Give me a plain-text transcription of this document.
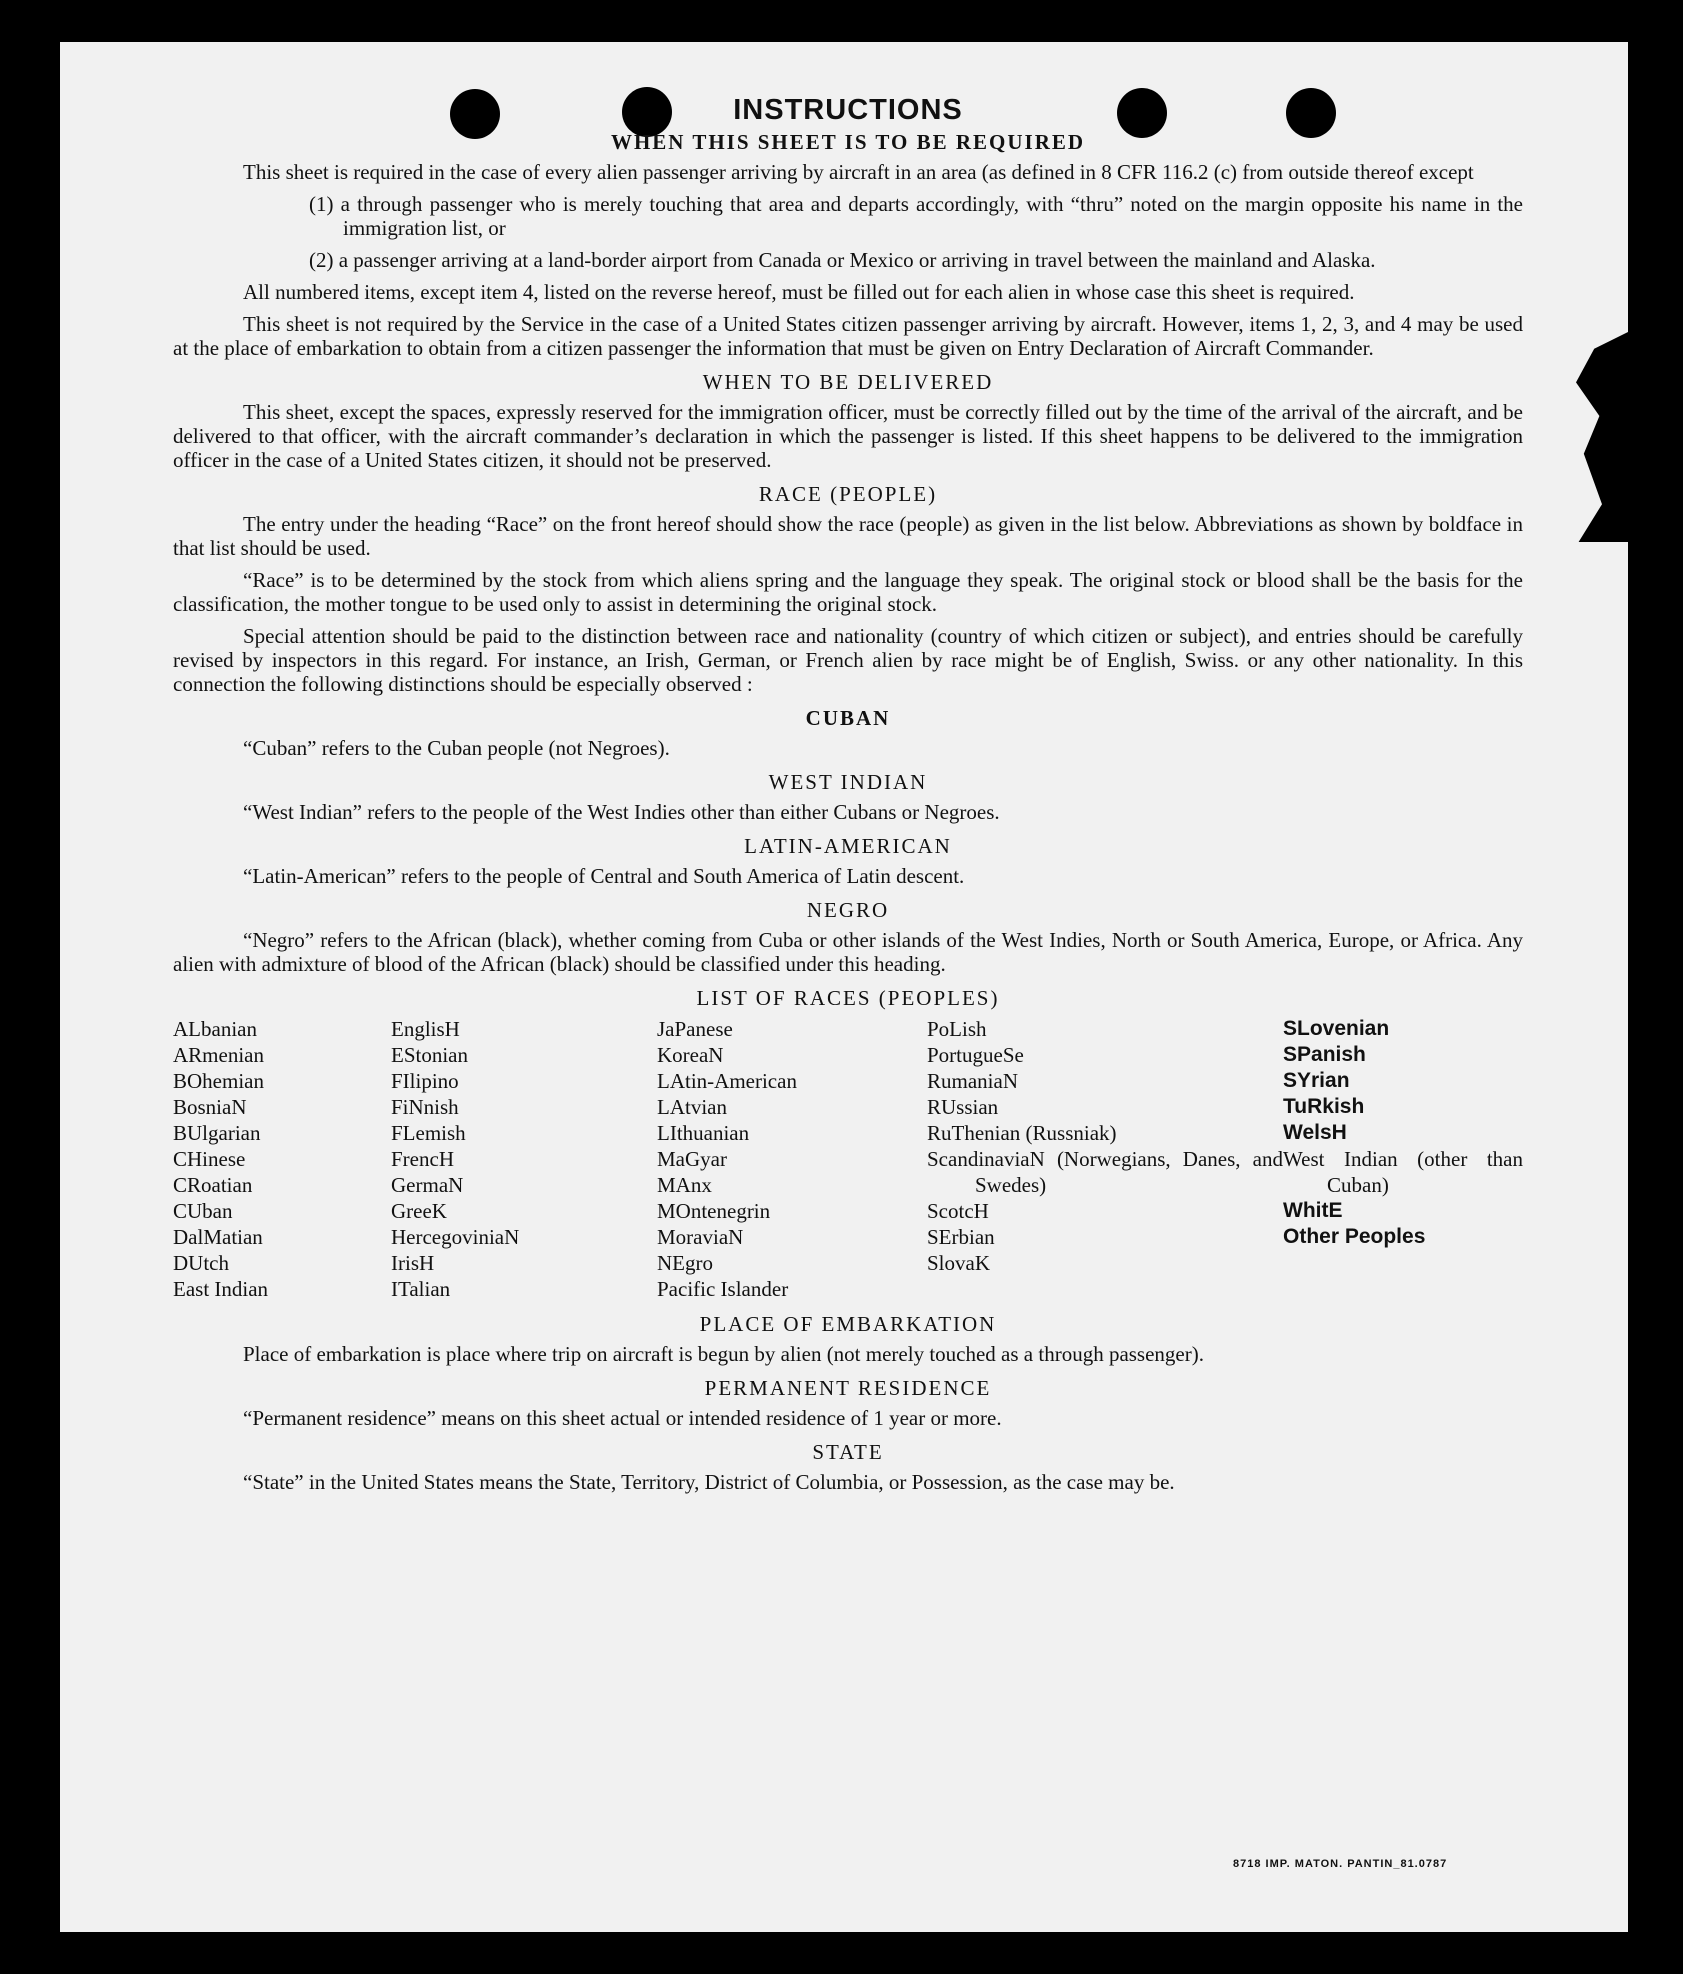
INSTRUCTIONS
WHEN THIS SHEET IS TO BE REQUIRED

This sheet is required in the case of every alien passenger arriving by aircraft in an area (as defined in 8 CFR 116.2 (c) from outside thereof except

(1) a through passenger who is merely touching that area and departs accordingly, with “thru” noted on the margin opposite his name in the immigration list, or
(2) a passenger arriving at a land-border airport from Canada or Mexico or arriving in travel between the mainland and Alaska.

All numbered items, except item 4, listed on the reverse hereof, must be filled out for each alien in whose case this sheet is required.

This sheet is not required by the Service in the case of a United States citizen passenger arriving by aircraft. However, items 1, 2, 3, and 4 may be used at the place of embarkation to obtain from a citizen passenger the information that must be given on Entry Declaration of Aircraft Commander.

WHEN TO BE DELIVERED

This sheet, except the spaces, expressly reserved for the immigration officer, must be correctly filled out by the time of the arrival of the aircraft, and be delivered to that officer, with the aircraft commander’s declaration in which the passenger is listed. If this sheet happens to be delivered to the immigration officer in the case of a United States citizen, it should not be preserved.

RACE (PEOPLE)

The entry under the heading “Race” on the front hereof should show the race (people) as given in the list below. Abbreviations as shown by boldface in that list should be used.

“Race” is to be determined by the stock from which aliens spring and the language they speak. The original stock or blood shall be the basis for the classification, the mother tongue to be used only to assist in determining the original stock.

Special attention should be paid to the distinction between race and nationality (country of which citizen or subject), and entries should be carefully revised by inspectors in this regard. For instance, an Irish, German, or French alien by race might be of English, Swiss. or any other nationality. In this connection the following distinctions should be especially observed :

CUBAN

“Cuban” refers to the Cuban people (not Negroes).

WEST INDIAN

“West Indian” refers to the people of the West Indies other than either Cubans or Negroes.

LATIN-AMERICAN

“Latin-American” refers to the people of Central and South America of Latin descent.

NEGRO

“Negro” refers to the African (black), whether coming from Cuba or other islands of the West Indies, North or South America, Europe, or Africa. Any alien with admixture of blood of the African (black) should be classified under this heading.

LIST OF RACES (PEOPLES)
ALbanian
ARmenian
BOhemian
BosniaN
BUlgarian
CHinese
CRoatian
CUban
DalMatian
DUtch
East Indian
EnglisH
EStonian
FIlipino
FiNnish
FLemish
FrencH
GermaN
GreeK
HercegoviniaN
IrisH
ITalian
JaPanese
KoreaN
LAtin-American
LAtvian
LIthuanian
MaGyar
MAnx
MOntenegrin
MoraviaN
NEgro
Pacific Islander
PoLish
PortugueSe
RumaniaN
RUssian
RuThenian (Russniak)
ScandinaviaN (Norwegians, Danes, and Swedes)
ScotcH
SErbian
SlovaK
SLovenian
SPanish
SYrian
TuRkish
WelsH
West Indian (other than Cuban)
WhitE
Other Peoples
PLACE OF EMBARKATION

Place of embarkation is place where trip on aircraft is begun by alien (not merely touched as a through passenger).

PERMANENT RESIDENCE

“Permanent residence” means on this sheet actual or intended residence of 1 year or more.

STATE

“State” in the United States means the State, Territory, District of Columbia, or Possession, as the case may be.

8718 IMP. MATON. PANTIN_81.0787
